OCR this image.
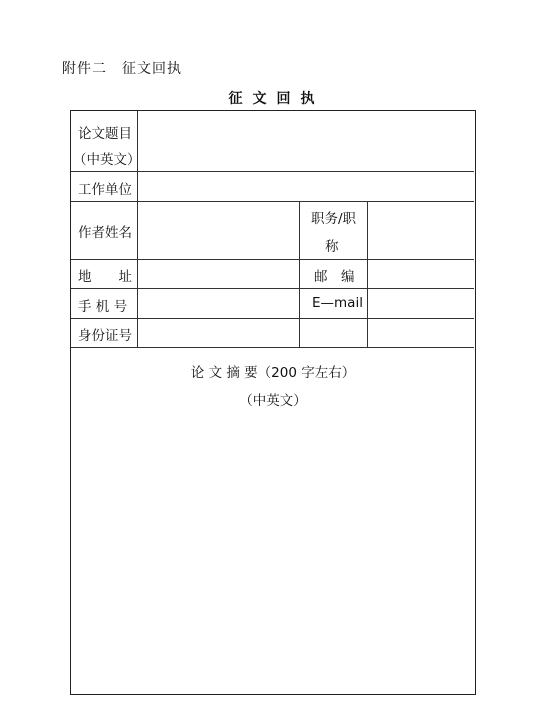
附件二　征文回执
征文回执
论文题目
（中英文）
工作单位
作者姓名
职务/职
称
地　　址	邮　编
手 机 号	E—mail
身份证号
论 文 摘 要（200 字左右）
（中英文）
